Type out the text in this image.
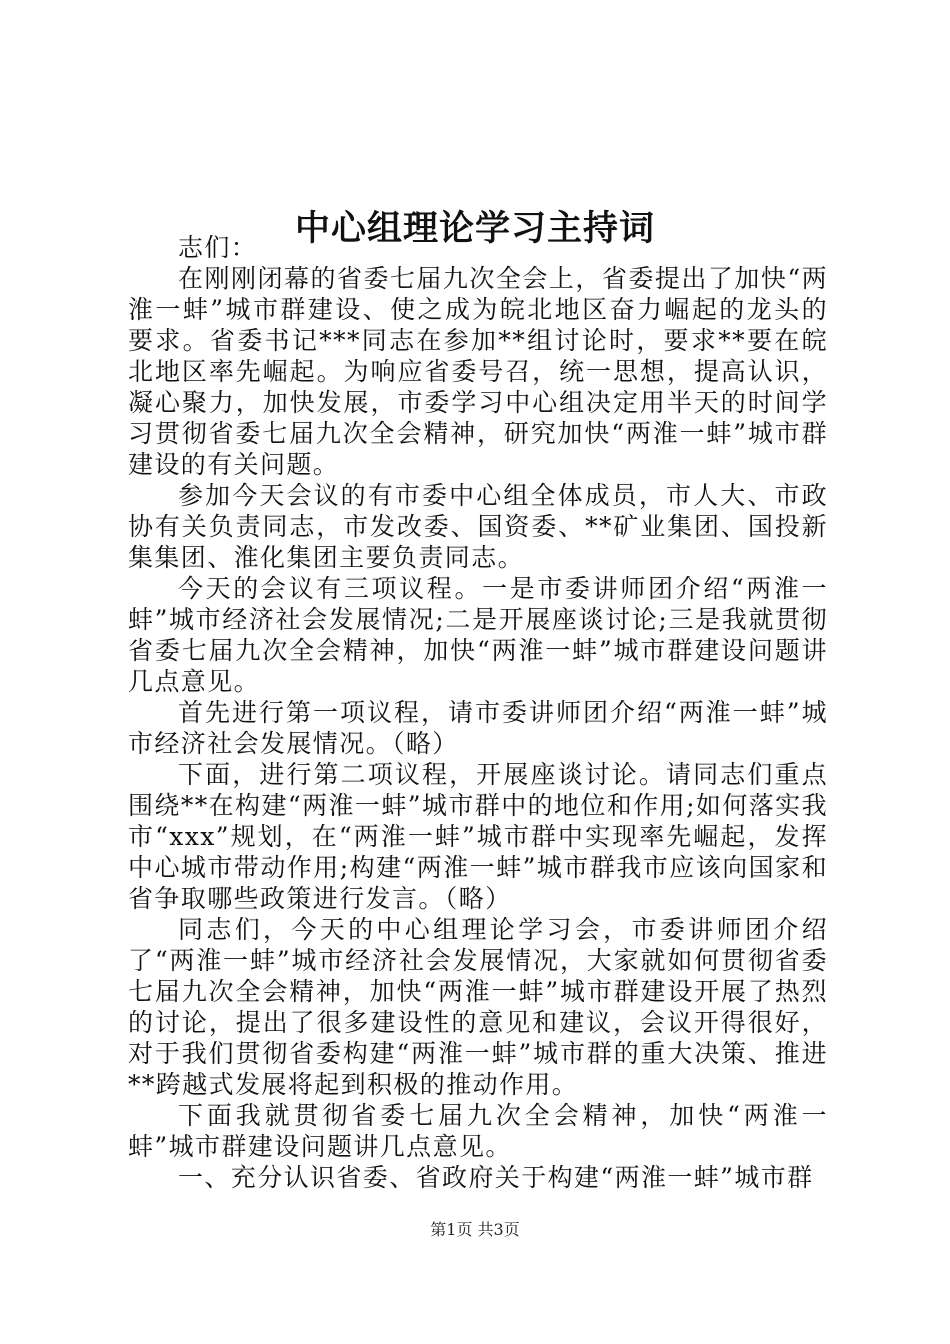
中心组理论学习主持词

志们：

在刚刚闭幕的省委七届九次全会上，省委提出了加快“两淮一蚌”城市群建设、使之成为皖北地区奋力崛起的龙头的要求。省委书记***同志在参加**组讨论时，要求**要在皖北地区率先崛起。为响应省委号召，统一思想，提高认识，凝心聚力，加快发展，市委学习中心组决定用半天的时间学习贯彻省委七届九次全会精神，研究加快“两淮一蚌”城市群建设的有关问题。

参加今天会议的有市委中心组全体成员，市人大、市政协有关负责同志，市发改委、国资委、**矿业集团、国投新集集团、淮化集团主要负责同志。

今天的会议有三项议程。一是市委讲师团介绍“两淮一蚌”城市经济社会发展情况;二是开展座谈讨论;三是我就贯彻省委七届九次全会精神，加快“两淮一蚌”城市群建设问题讲几点意见。

首先进行第一项议程，请市委讲师团介绍“两淮一蚌”城市经济社会发展情况。（略）

下面，进行第二项议程，开展座谈讨论。请同志们重点围绕**在构建“两淮一蚌”城市群中的地位和作用;如何落实我市“xxx”规划，在“两淮一蚌”城市群中实现率先崛起，发挥中心城市带动作用;构建“两淮一蚌”城市群我市应该向国家和省争取哪些政策进行发言。（略）

同志们，今天的中心组理论学习会，市委讲师团介绍了“两淮一蚌”城市经济社会发展情况，大家就如何贯彻省委七届九次全会精神，加快“两淮一蚌”城市群建设开展了热烈的讨论，提出了很多建设性的意见和建议，会议开得很好，对于我们贯彻省委构建“两淮一蚌”城市群的重大决策、推进**跨越式发展将起到积极的推动作用。

下面我就贯彻省委七届九次全会精神，加快“两淮一蚌”城市群建设问题讲几点意见。

一、充分认识省委、省政府关于构建“两淮一蚌”城市群

第1页 共3页
